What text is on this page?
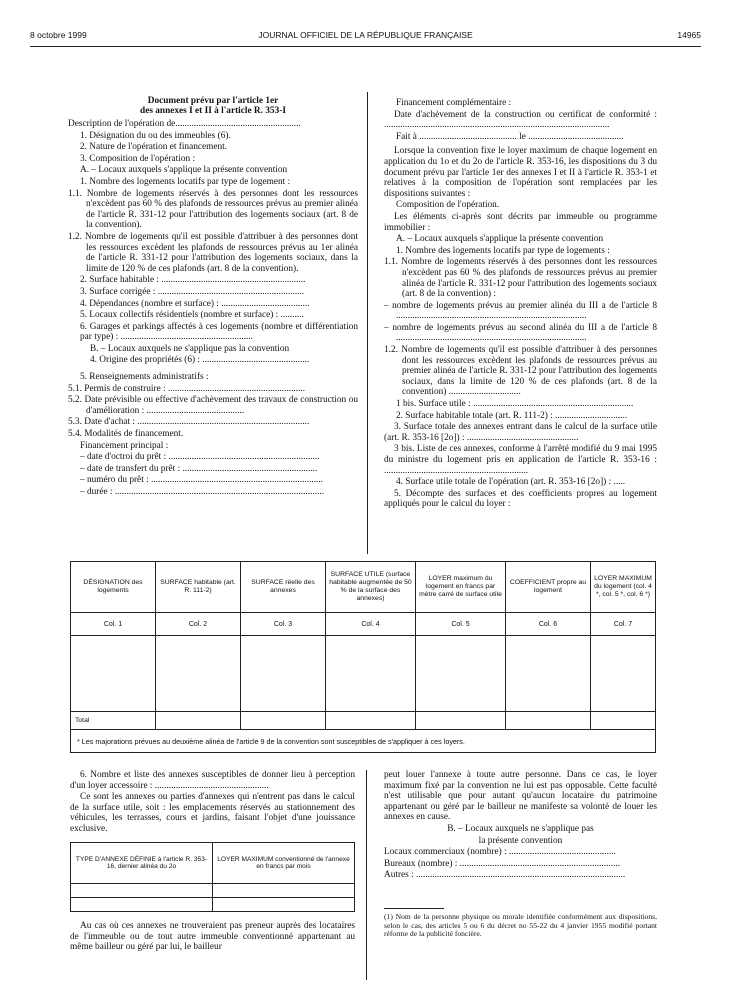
8 octobre 1999	JOURNAL OFFICIEL DE LA RÉPUBLIQUE FRANÇAISE	14965
Document prévu par l'article 1er
des annexes I et II à l'article R. 353-I
Description de l'opération de......................................................
1. Désignation du ou des immeubles (6).
2. Nature de l'opération et financement.
3. Composition de l'opération :
A. – Locaux auxquels s'applique la présente convention
1. Nombre des logements locatifs par type de logement :
1.1. Nombre de logements réservés à des personnes dont les ressources n'excèdent pas 60 % des plafonds de ressources prévus au premier alinéa de l'article R. 331-12 pour l'attribution des logements sociaux (art. 8 de la convention).
1.2. Nombre de logements qu'il est possible d'attribuer à des personnes dont les ressources excèdent les plafonds de ressources prévus au 1er alinéa de l'article R. 331-12 pour l'attribution des logements sociaux, dans la limite de 120 % de ces plafonds (art. 8 de la convention).
2. Surface habitable : ..............................................................
3. Surface corrigée : ...............................................................
4. Dépendances (nombre et surface) : ......................................
5. Locaux collectifs résidentiels (nombre et surface) : ..........
6. Garages et parkings affectés à ces logements (nombre et différentiation par type) : .........................................................
B. – Locaux auxquels ne s'applique pas la convention
4. Origine des propriétés (6) : ..............................................
5. Renseignements administratifs :
5.1. Permis de construire : ...........................................................
5.2. Date prévisible ou effective d'achèvement des travaux de construction ou d'amélioration : ..........................................
5.3. Date d'achat : ..........................................................................
5.4. Modalités de financement.
Financement principal :
– date d'octroi du prêt : .................................................................
– date de transfert du prêt : ..........................................................
– numéro du prêt : ..........................................................................
– durée : ..........................................................................................
Financement complémentaire :
Date d'achèvement de la construction ou certificat de conformité : .................................................................................................
Fait à .......................................... le .........................................
Lorsque la convention fixe le loyer maximum de chaque logement en application du 1o et du 2o de l'article R. 353-16, les dispositions du 3 du document prévu par l'article 1er des annexes I et II à l'article R. 353-1 et relatives à la composition de l'opération sont remplacées par les dispositions suivantes :
Composition de l'opération.
Les éléments ci-après sont décrits par immeuble ou programme immobilier :
A. – Locaux auxquels s'applique la présente convention
1. Nombre des logements locatifs par type de logements :
1.1. Nombre de logements réservés à des personnes dont les ressources n'excèdent pas 60 % des plafonds de ressources prévus au premier alinéa de l'article R. 331-12 pour l'attribution des logements sociaux (art. 8 de la convention) :
– nombre de logements prévus au premier alinéa du III a de l'article 8 ..................................................................................
– nombre de logements prévus au second alinéa du III a de l'article 8 ..................................................................................
1.2. Nombre de logements qu'il est possible d'attribuer à des personnes dont les ressources excèdent les plafonds de ressources prévus au premier alinéa de l'article R. 331-12 pour l'attribution des logements sociaux, dans la limite de 120 % de ces plafonds (art. 8 de la convention) ...............................
1 bis. Surface utile : .....................................................................
2. Surface habitable totale (art. R. 111-2) : ...............................
3. Surface totale des annexes entrant dans le calcul de la surface utile (art. R. 353-16 [2o]) : ................................................
3 bis. Liste de ces annexes, conforme à l'arrêté modifié du 9 mai 1995 du ministre du logement pris en application de l'article R. 353-16 : ..............................................................
4. Surface utile totale de l'opération (art. R. 353-16 [2o]) : .....
5. Décompte des surfaces et des coefficients propres au logement appliqués pour le calcul du loyer :
DÉSIGNATION des logements	SURFACE habitable (art. R. 111-2)	SURFACE réelle des annexes	SURFACE UTILE (surface habitable augmentée de 50 % de la surface des annexes)	LOYER maximum du logement en francs par mètre carré de surface utile	COEFFICIENT propre au logement	LOYER MAXIMUM du logement (col. 4 *, col. 5 *, col. 6 *)
Col. 1	Col. 2	Col. 3	Col. 4	Col. 5	Col. 6	Col. 7

Total						
* Les majorations prévues au deuxième alinéa de l'article 9 de la convention sont susceptibles de s'appliquer à ces loyers.						
6. Nombre et liste des annexes susceptibles de donner lieu à perception d'un loyer accessoire : .................................................
Ce sont les annexes ou parties d'annexes qui n'entrent pas dans le calcul de la surface utile, soit : les emplacements réservés au stationnement des véhicules, les terrasses, cours et jardins, faisant l'objet d'une jouissance exclusive.
TYPE D'ANNEXE DÉFINIE à l'article R. 353-16, dernier alinéa du 2o	LOYER MAXIMUM conventionné de l'annexe en francs par mois

Au cas où ces annexes ne trouveraient pas preneur auprès des locataires de l'immeuble ou de tout autre immeuble conventionné appartenant au même bailleur ou géré par lui, le bailleur
peut louer l'annexe à toute autre personne. Dans ce cas, le loyer maximum fixé par la convention ne lui est pas opposable. Cette faculté n'est utilisable que pour autant qu'aucun locataire du patrimoine appartenant ou géré par le bailleur ne manifeste sa volonté de louer les annexes en cause.
B. – Locaux auxquels ne s'applique pas
la présente convention
Locaux commerciaux (nombre) : ..............................................
Bureaux (nombre) : .....................................................................
Autres : ..........................................................................................
(1) Nom de la personne physique ou morale identifiée conformément aux dispositions, selon le cas, des articles 5 ou 6 du décret no 55-22 du 4 janvier 1955 modifié portant réforme de la publicité foncière.
